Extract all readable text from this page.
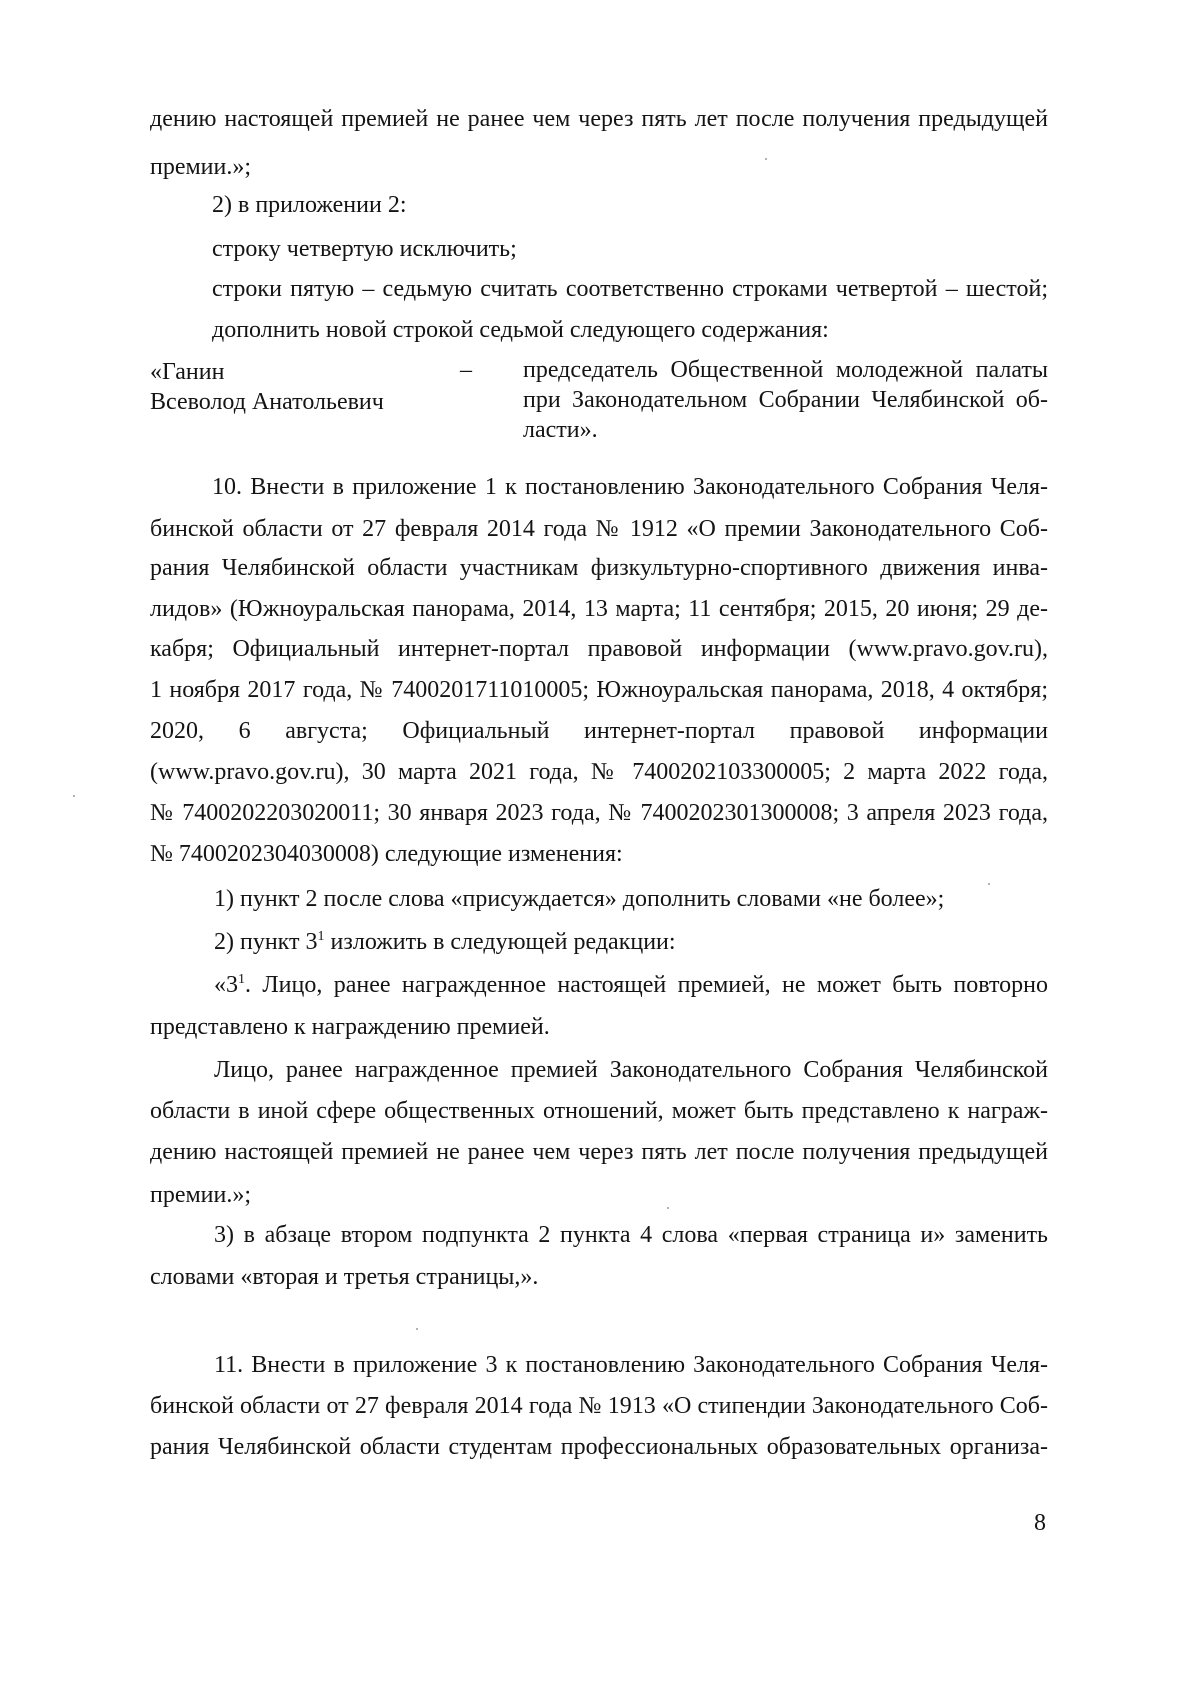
дению настоящей премией не ранее чем через пять лет после получения предыдущей
премии.»;
2) в приложении 2:
строку четвертую исключить;
строки пятую – седьмую считать соответственно строками четвертой – шестой;
дополнить новой строкой седьмой следующего содержания:
«Ганин
Всеволод Анатольевич
– председатель Общественной молодежной палаты
при Законодательном Собрании Челябинской об-
ласти».
10. Внести в приложение 1 к постановлению Законодательного Собрания Челя-
бинской области от 27 февраля 2014 года № 1912 «О премии Законодательного Соб-
рания Челябинской области участникам физкультурно-спортивного движения инва-
лидов» (Южноуральская панорама, 2014, 13 марта; 11 сентября; 2015, 20 июня; 29 де-
кабря; Официальный интернет-портал правовой информации (www.pravo.gov.ru),
1 ноября 2017 года, № 7400201711010005; Южноуральская панорама, 2018, 4 октября;
2020, 6 августа; Официальный интернет-портал правовой информации
(www.pravo.gov.ru), 30 марта 2021 года, № 7400202103300005; 2 марта 2022 года,
№ 7400202203020011; 30 января 2023 года, № 7400202301300008; 3 апреля 2023 года,
№ 7400202304030008) следующие изменения:
1) пункт 2 после слова «присуждается» дополнить словами «не более»;
2) пункт $3^1$ изложить в следующей редакции:
«$3^1$. Лицо, ранее награжденное настоящей премией, не может быть повторно
представлено к награждению премией.
Лицо, ранее награжденное премией Законодательного Собрания Челябинской
области в иной сфере общественных отношений, может быть представлено к награж-
дению настоящей премией не ранее чем через пять лет после получения предыдущей
премии.»;
3) в абзаце втором подпункта 2 пункта 4 слова «первая страница и» заменить
словами «вторая и третья страницы,».
11. Внести в приложение 3 к постановлению Законодательного Собрания Челя-
бинской области от 27 февраля 2014 года № 1913 «О стипендии Законодательного Соб-
рания Челябинской области студентам профессиональных образовательных организа-
8
